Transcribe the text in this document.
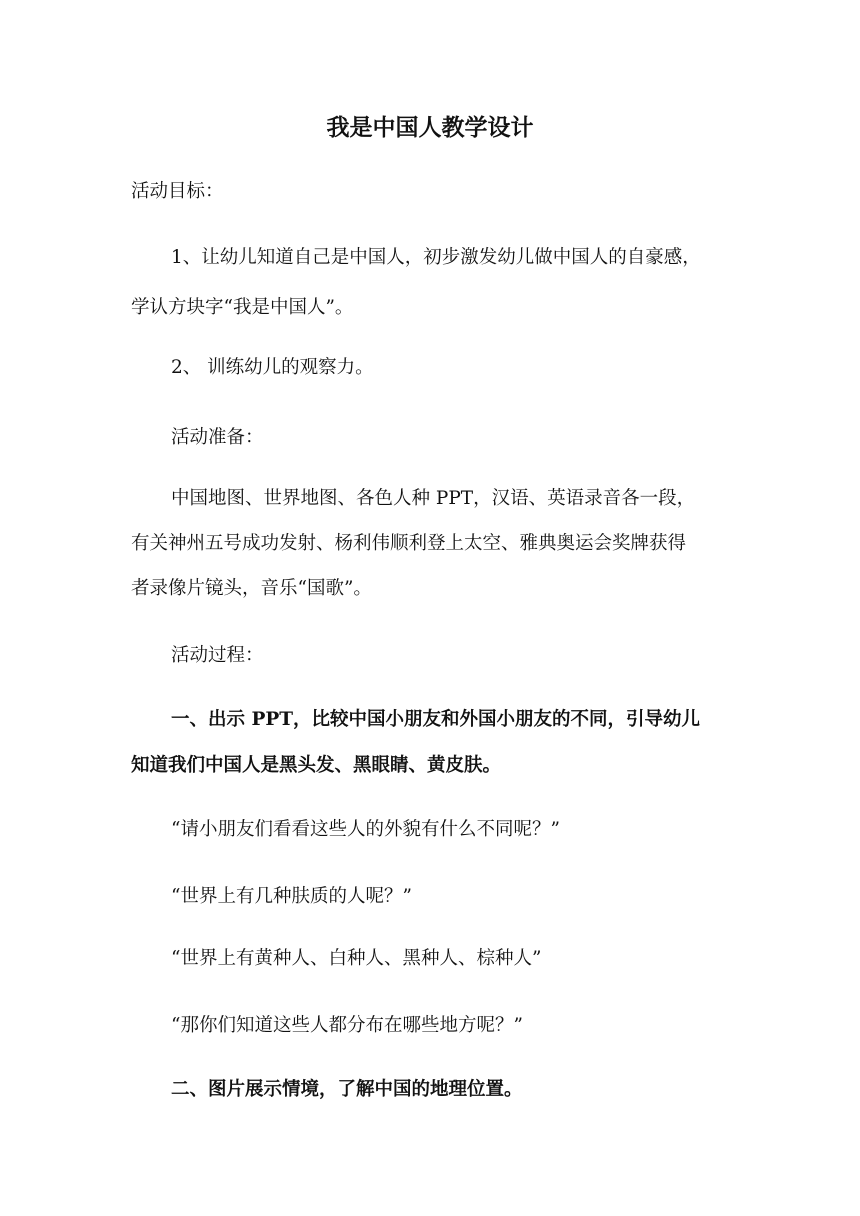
我是中国人教学设计
活动目标：
1、让幼儿知道自己是中国人，初步激发幼儿做中国人的自豪感，
学认方块字“我是中国人”。
2、 训练幼儿的观察力。
活动准备：
中国地图、世界地图、各色人种 PPT，汉语、英语录音各一段，
有关神州五号成功发射、杨利伟顺利登上太空、雅典奥运会奖牌获得
者录像片镜头，音乐“国歌”。
活动过程：
一、出示 PPT，比较中国小朋友和外国小朋友的不同，引导幼儿
知道我们中国人是黑头发、黑眼睛、黄皮肤。
“请小朋友们看看这些人的外貌有什么不同呢？”
“世界上有几种肤质的人呢？”
“世界上有黄种人、白种人、黑种人、棕种人”
“那你们知道这些人都分布在哪些地方呢？”
二、图片展示情境，了解中国的地理位置。
